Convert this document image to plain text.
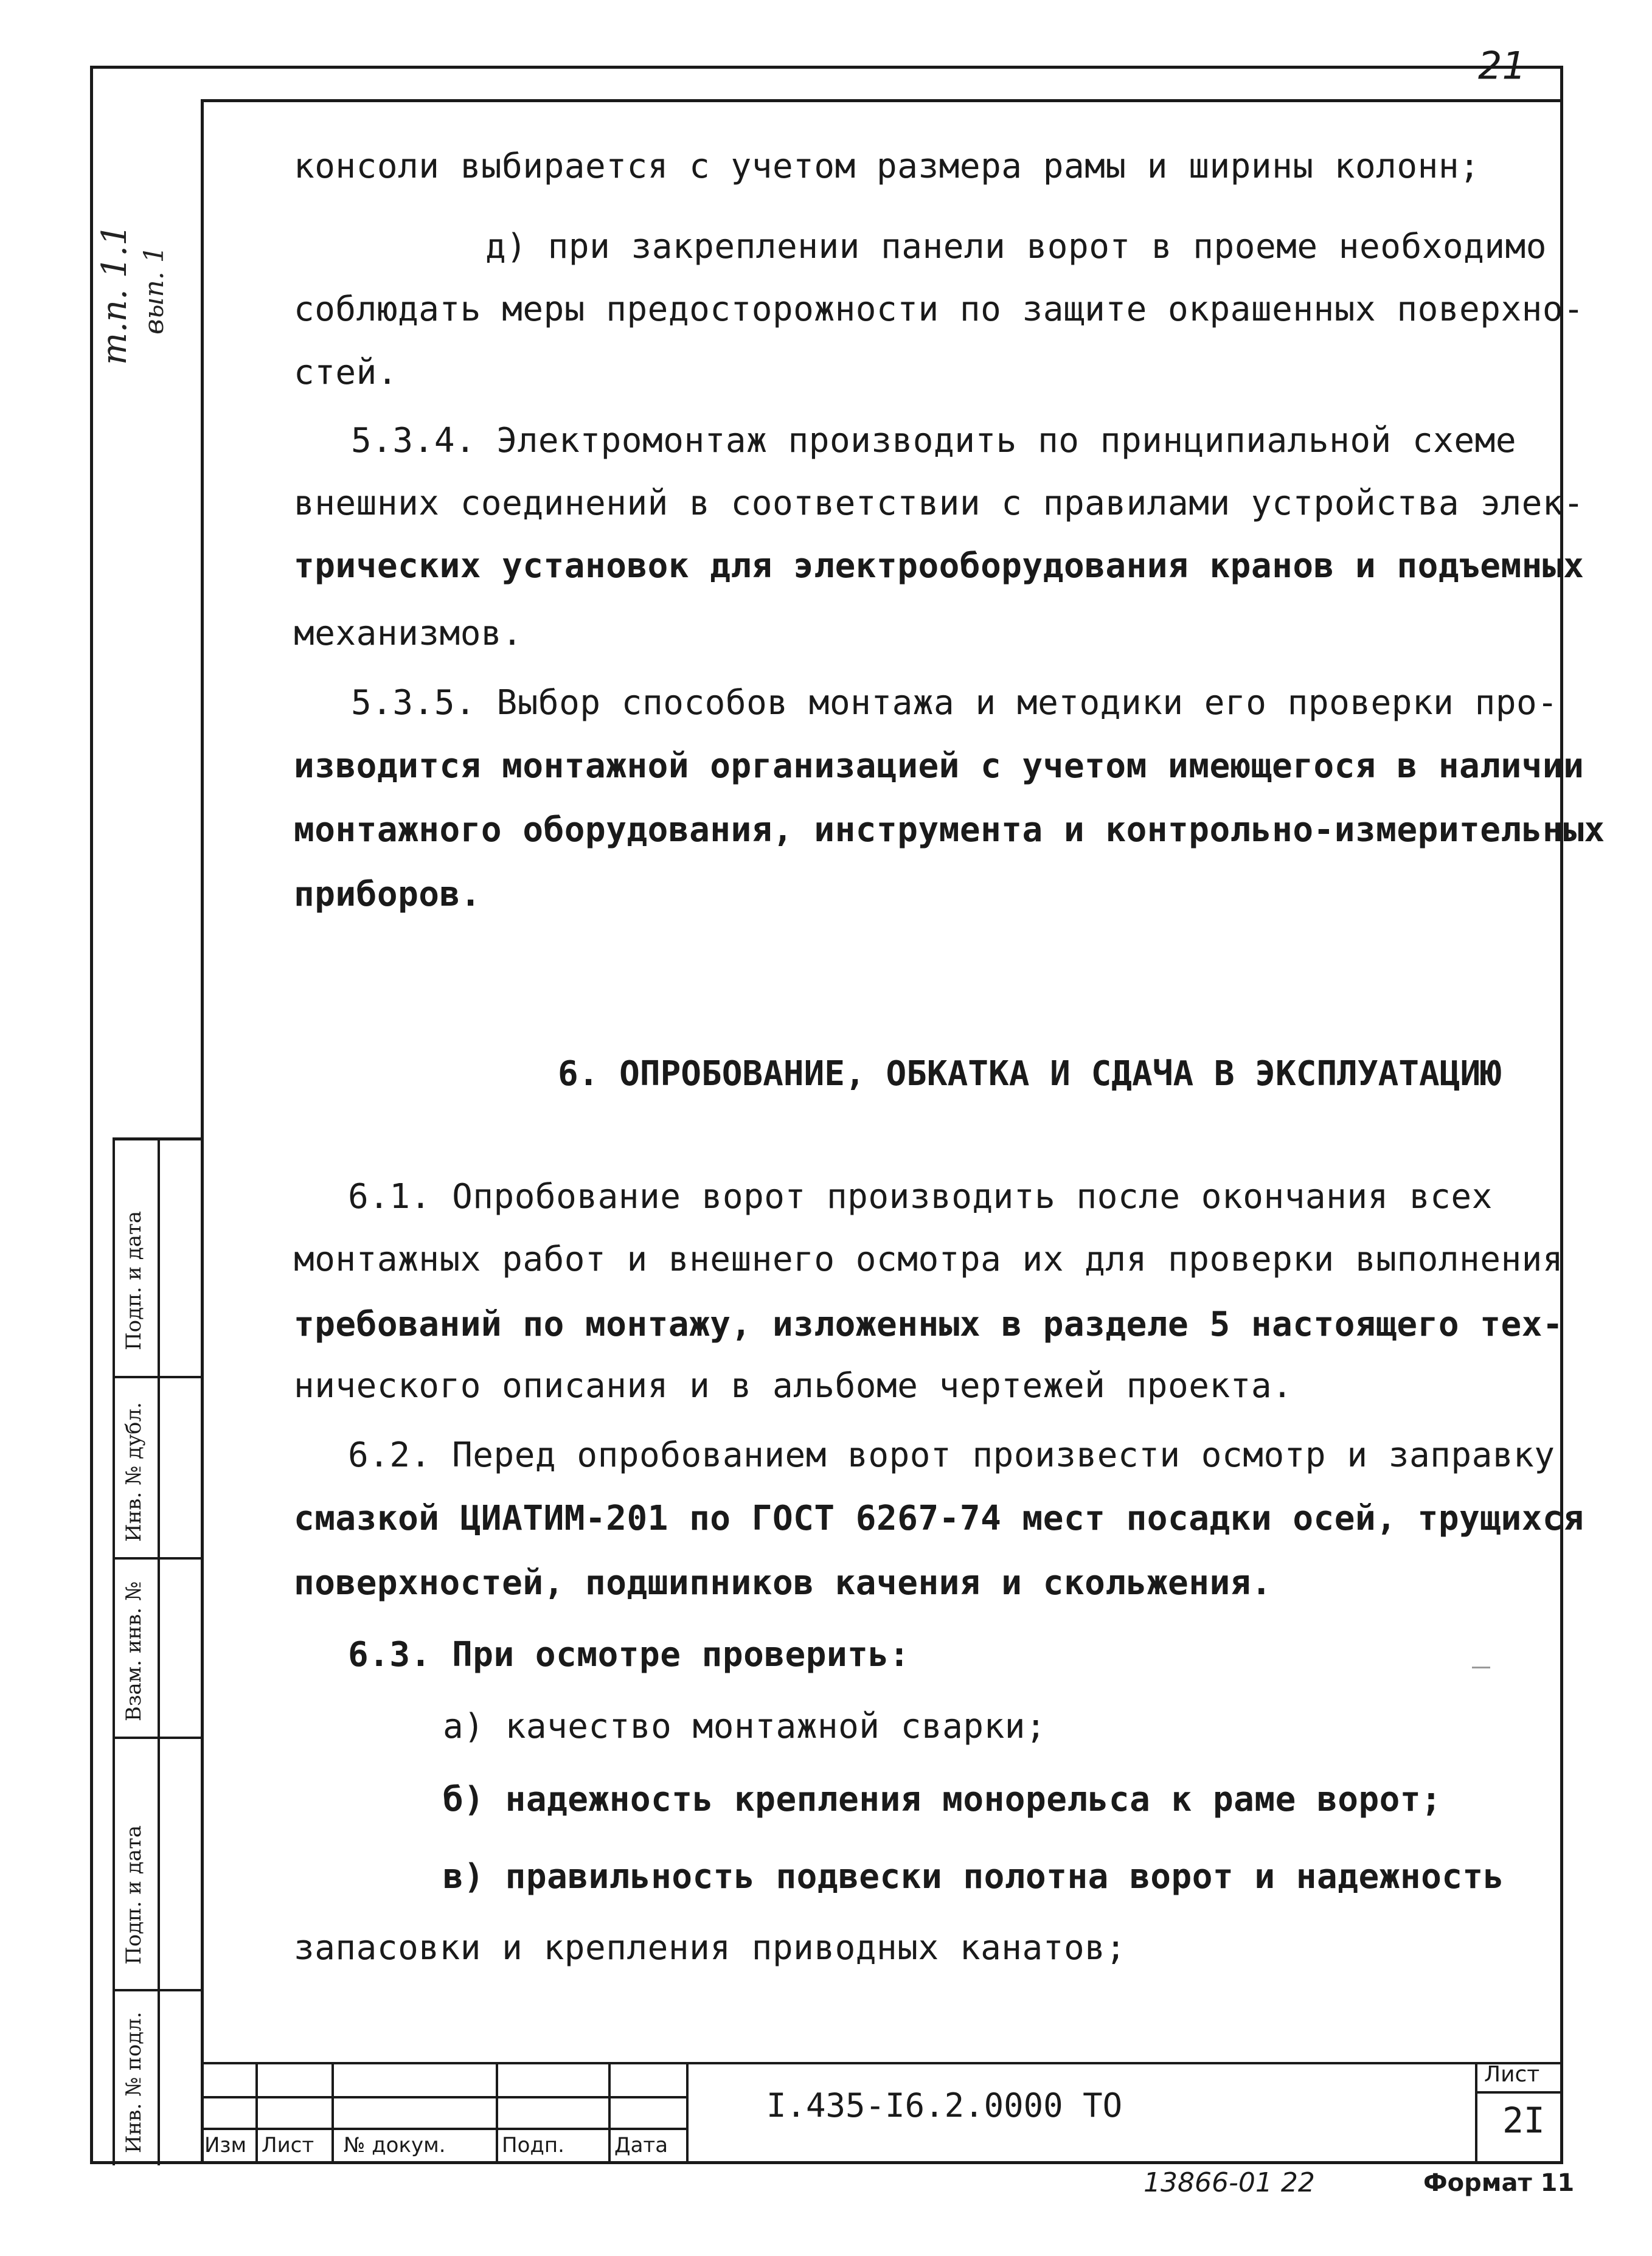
21
т.п. 1.1 вып. 1
консоли выбирается с учетом размера рамы и ширины колонн;
д) при закреплении панели ворот в проеме необходимо
соблюдать меры предосторожности по защите окрашенных поверхно-
стей.
5.3.4. Электромонтаж производить по принципиальной схеме
внешних соединений в соответствии с правилами устройства элек-
трических установок для электрооборудования кранов и подъемных
механизмов.
5.3.5. Выбор способов монтажа и методики его проверки про-
изводится монтажной организацией с учетом имеющегося в наличии
монтажного оборудования, инструмента и контрольно-измерительных
приборов.
6. ОПРОБОВАНИЕ, ОБКАТКА И СДАЧА В ЭКСПЛУАТАЦИЮ
6.1. Опробование ворот производить после окончания всех
монтажных работ и внешнего осмотра их для проверки выполнения
требований по монтажу, изложенных в разделе 5 настоящего тех-
нического описания и в альбоме чертежей проекта.
6.2. Перед опробованием ворот произвести осмотр и заправку
смазкой ЦИАТИМ-201 по ГОСТ 6267-74 мест посадки осей, трущихся
поверхностей, подшипников качения и скольжения.
6.3. При осмотре проверить:
а) качество монтажной сварки;
б) надежность крепления монорельса к раме ворот;
в) правильность подвески полотна ворот и надежность
запасовки и крепления приводных канатов;
Подп. и дата
Инв. № дубл.
Взам. инв. №
Подп. и дата
Инв. № подл.	Изм Лист № докум.	Подп. Дата
I.435-I6.2.0000 ТО
Лист
2I
13866-01 22	Формат 11
